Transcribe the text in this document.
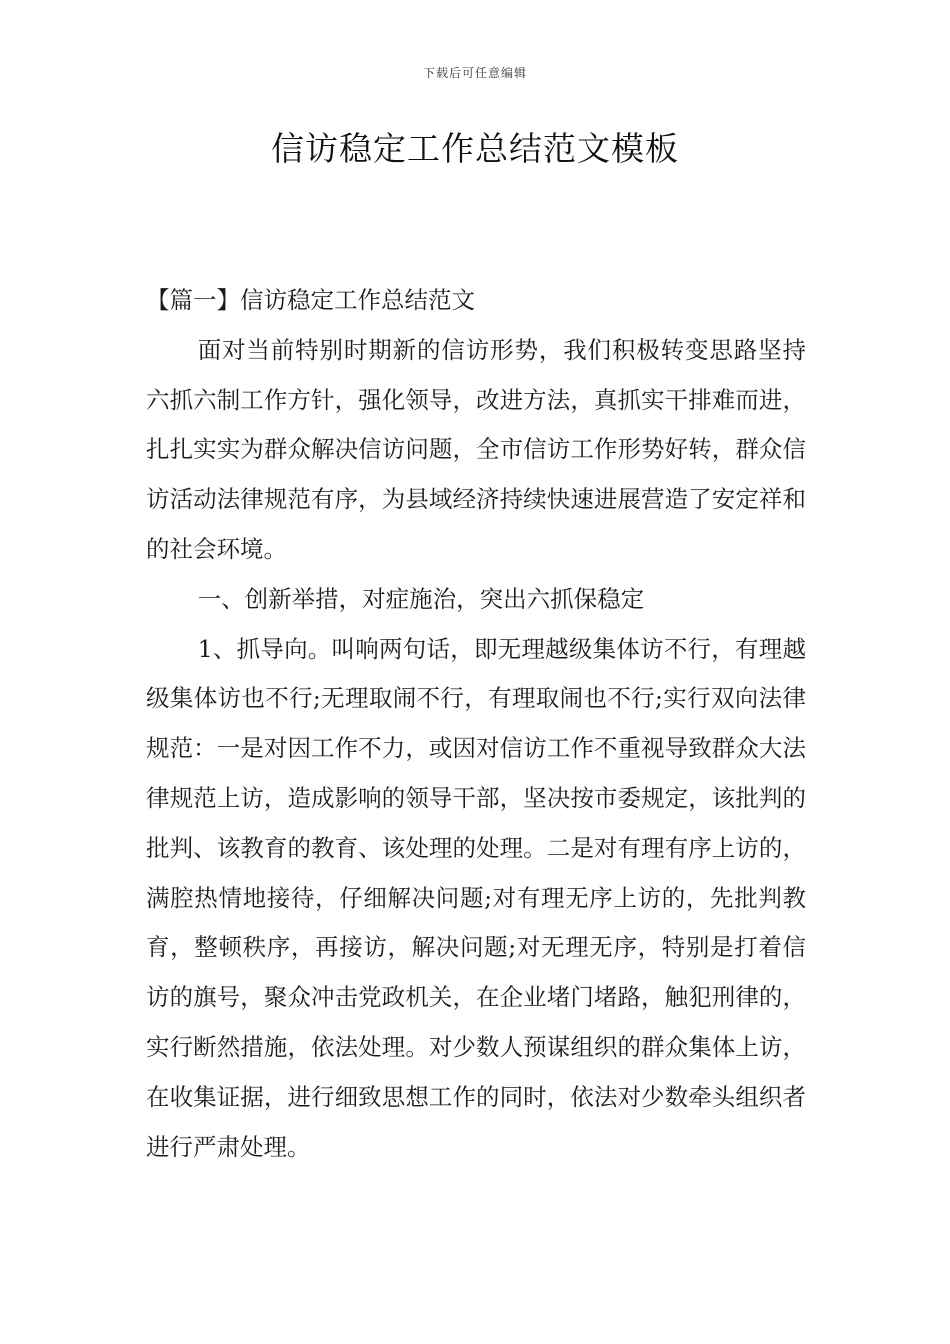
下载后可任意编辑
信访稳定工作总结范文模板

【篇一】信访稳定工作总结范文

面对当前特别时期新的信访形势，我们积极转变思路坚持六抓六制工作方针，强化领导，改进方法，真抓实干排难而进，扎扎实实为群众解决信访问题，全市信访工作形势好转，群众信访活动法律规范有序，为县域经济持续快速进展营造了安定祥和的社会环境。

一、创新举措，对症施治，突出六抓保稳定

1、抓导向。叫响两句话，即无理越级集体访不行，有理越级集体访也不行;无理取闹不行，有理取闹也不行;实行双向法律规范：一是对因工作不力，或因对信访工作不重视导致群众大法律规范上访，造成影响的领导干部，坚决按市委规定，该批判的批判、该教育的教育、该处理的处理。二是对有理有序上访的，满腔热情地接待，仔细解决问题;对有理无序上访的，先批判教育，整顿秩序，再接访，解决问题;对无理无序，特别是打着信访的旗号，聚众冲击党政机关，在企业堵门堵路，触犯刑律的，实行断然措施，依法处理。对少数人预谋组织的群众集体上访，在收集证据，进行细致思想工作的同时，依法对少数牵头组织者进行严肃处理。
